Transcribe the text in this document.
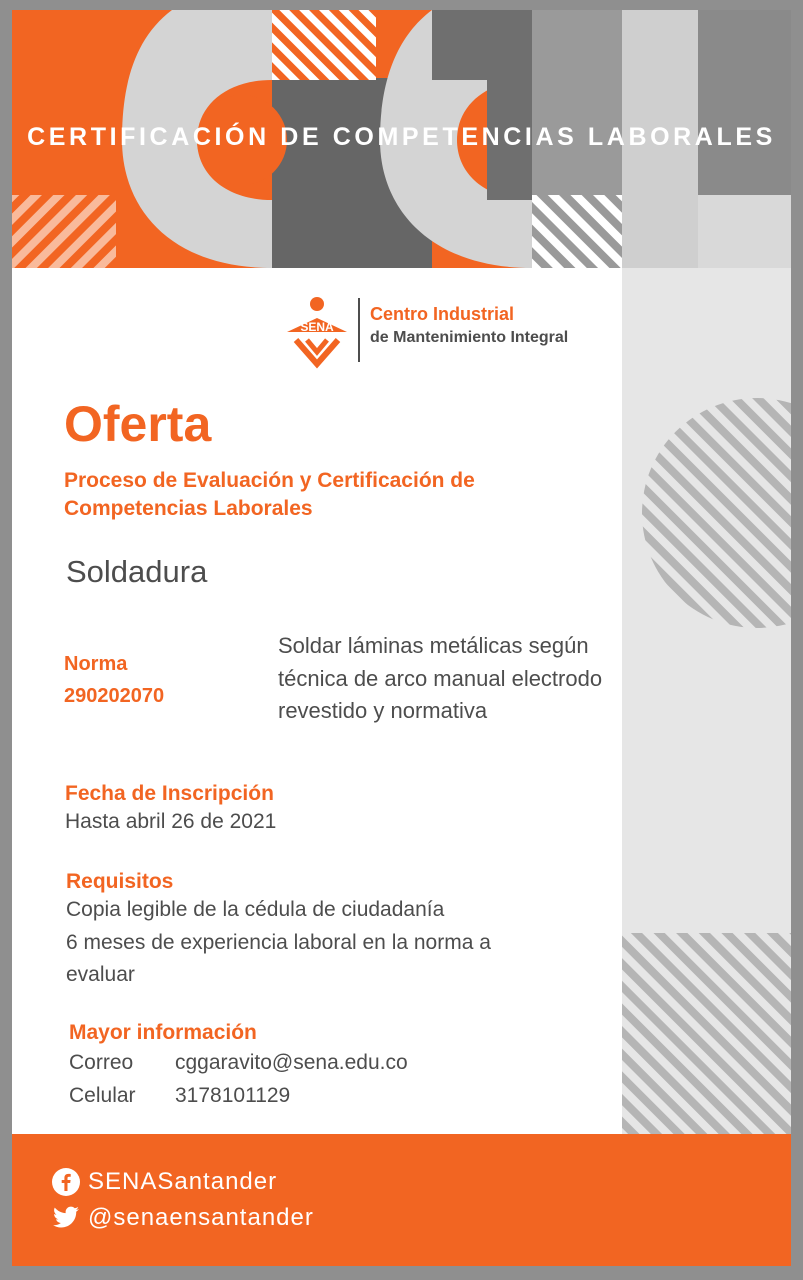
CERTIFICACIÓN DE COMPETENCIAS LABORALES
SENA
Centro Industrial
de Mantenimiento Integral
Oferta
Proceso de Evaluación y Certificación de Competencias Laborales
Soldadura
Norma
290202070
Soldar láminas metálicas según técnica de arco manual electrodo revestido y normativa
Fecha de Inscripción
Hasta abril 26 de 2021
Requisitos
Copia legible de la cédula de ciudadanía
6 meses de experiencia laboral en la norma a evaluar
Mayor información
Correo cggaravito@sena.edu.co
Celular 3178101129
SENASantander
@senaensantander
